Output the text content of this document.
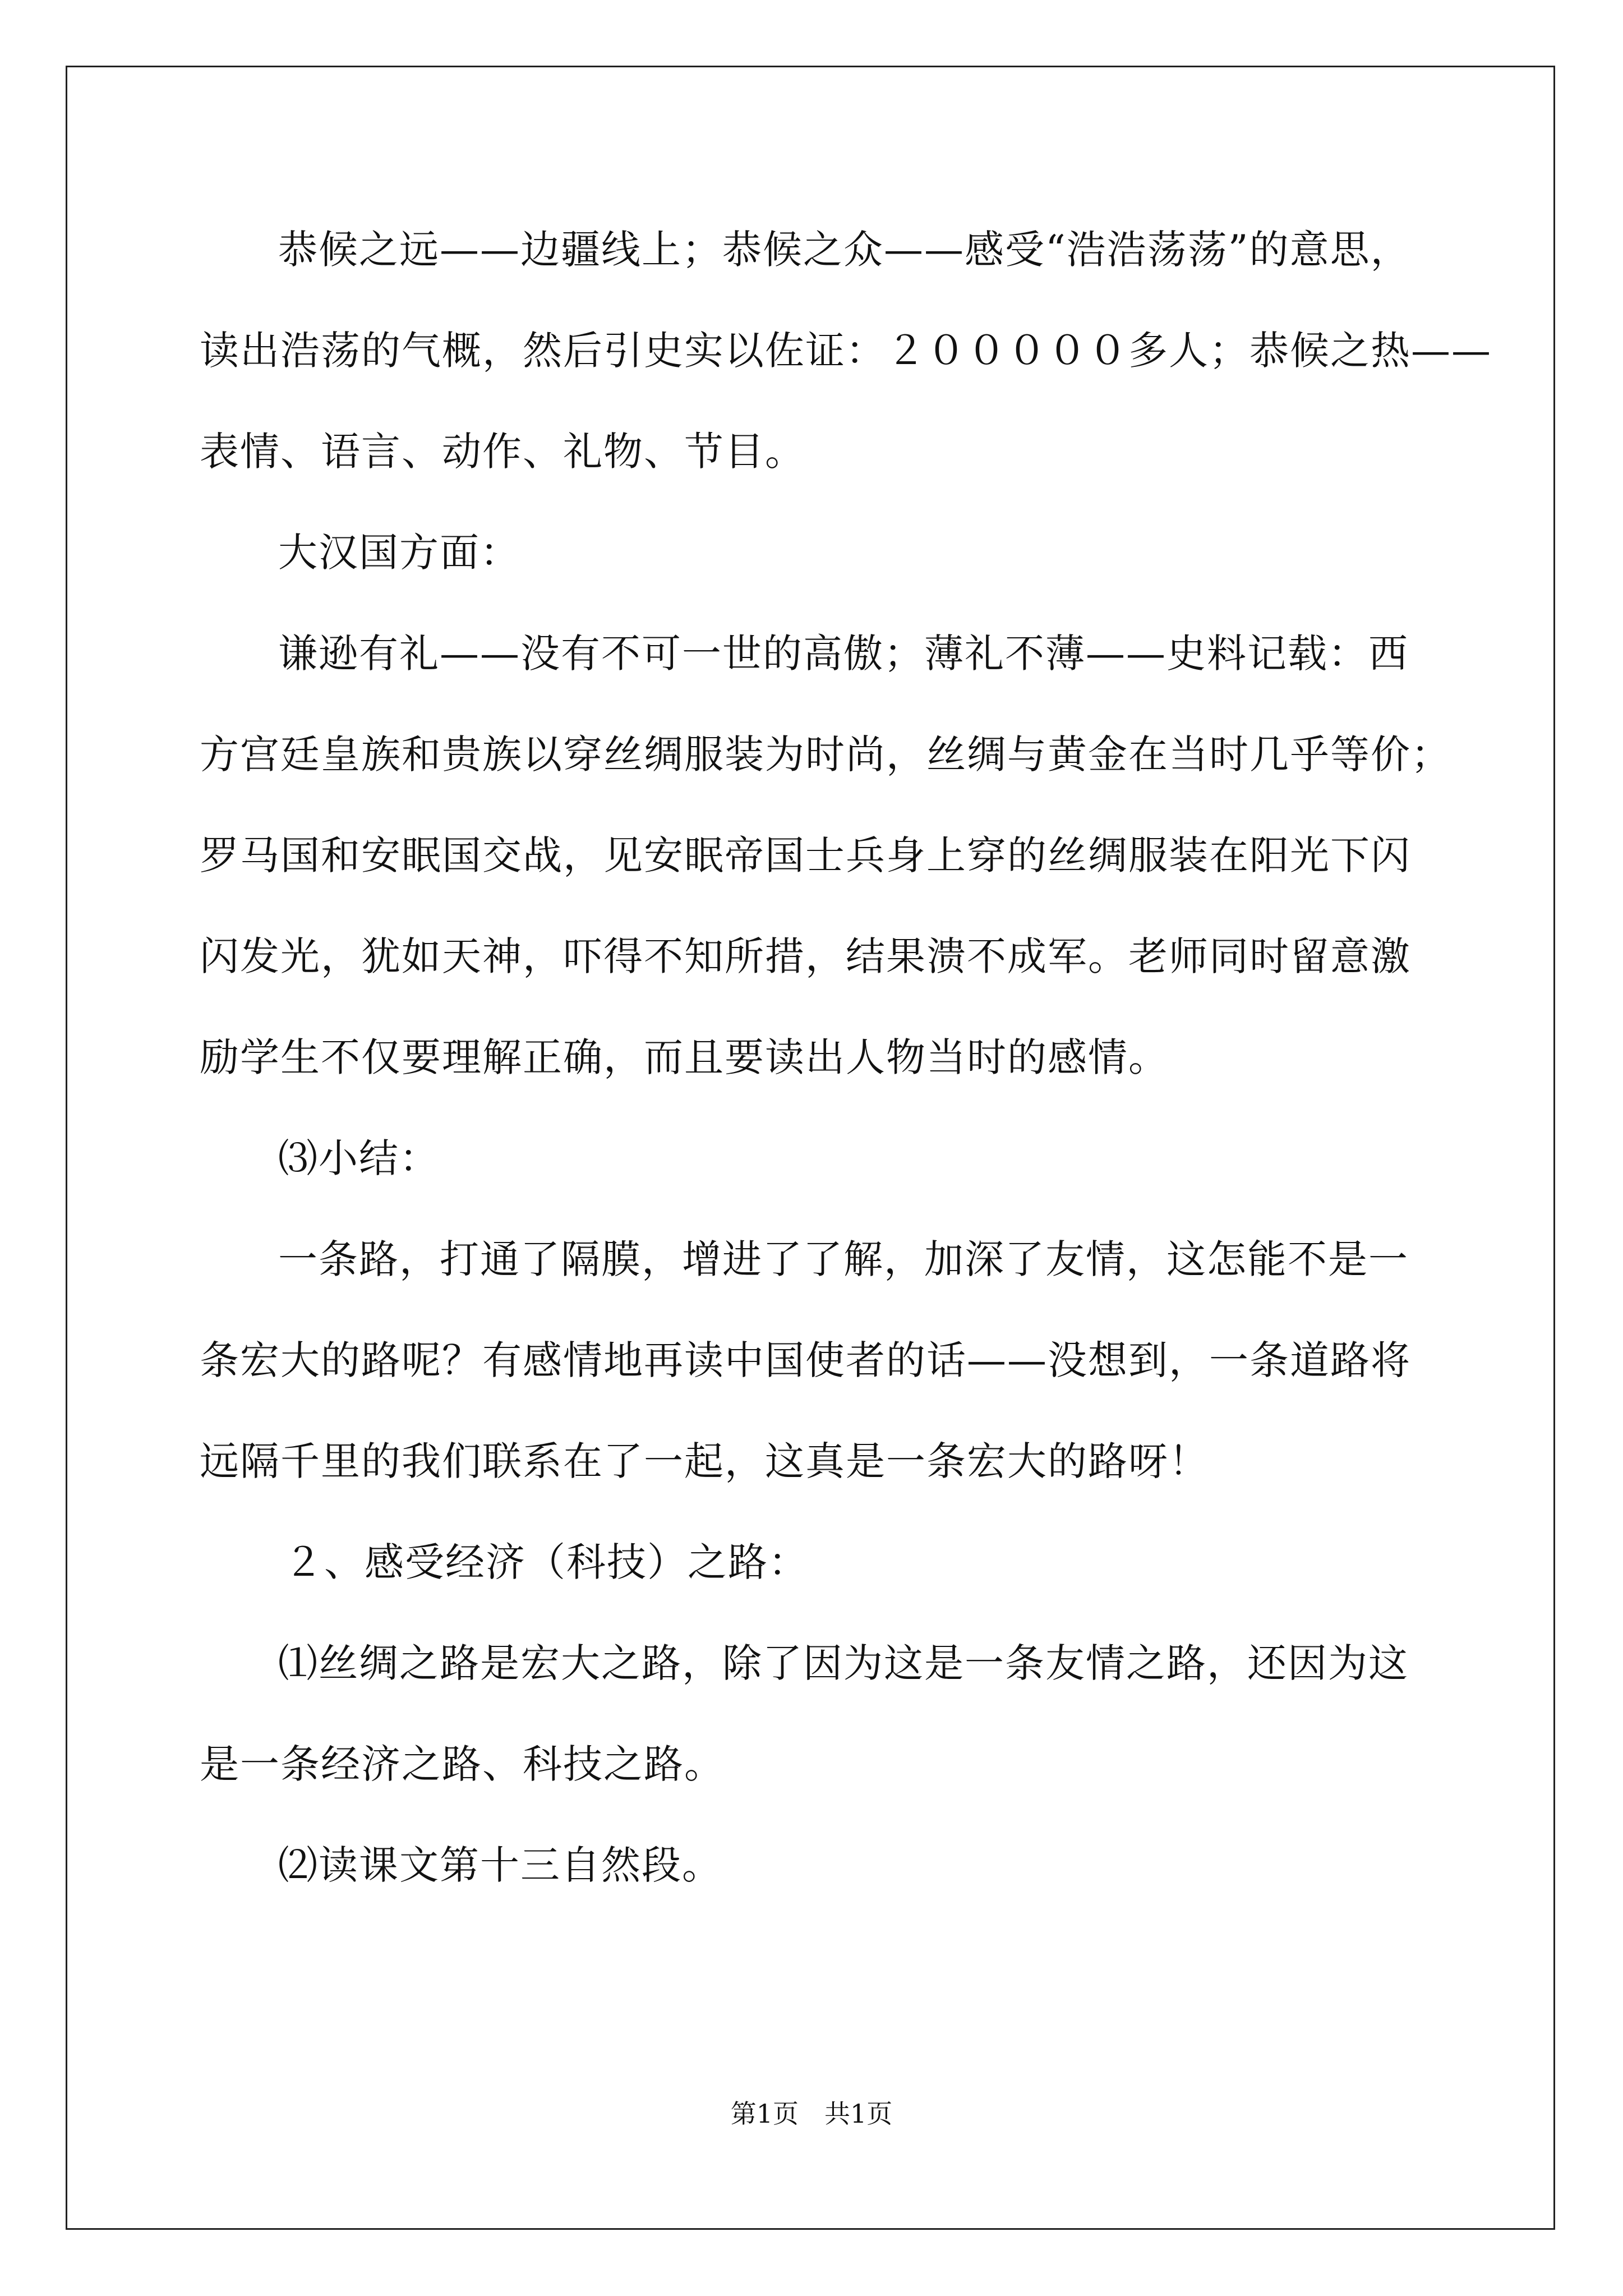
恭候之远——边疆线上；恭候之众——感受“浩浩荡荡”的意思，
读出浩荡的气概，然后引史实以佐证：２０００００多人；恭候之热——
表情、语言、动作、礼物、节目。
大汉国方面：
谦逊有礼——没有不可一世的高傲；薄礼不薄——史料记载：西
方宫廷皇族和贵族以穿丝绸服装为时尚，丝绸与黄金在当时几乎等价；
罗马国和安眠国交战，见安眠帝国士兵身上穿的丝绸服装在阳光下闪
闪发光，犹如天神，吓得不知所措，结果溃不成军。老师同时留意激
励学生不仅要理解正确，而且要读出人物当时的感情。
⑶小结：
一条路，打通了隔膜，增进了了解，加深了友情，这怎能不是一
条宏大的路呢？有感情地再读中国使者的话——没想到，一条道路将
远隔千里的我们联系在了一起，这真是一条宏大的路呀！
２、感受经济（科技）之路：
⑴丝绸之路是宏大之路，除了因为这是一条友情之路，还因为这
是一条经济之路、科技之路。
⑵读课文第十三自然段。
第1页　共1页
